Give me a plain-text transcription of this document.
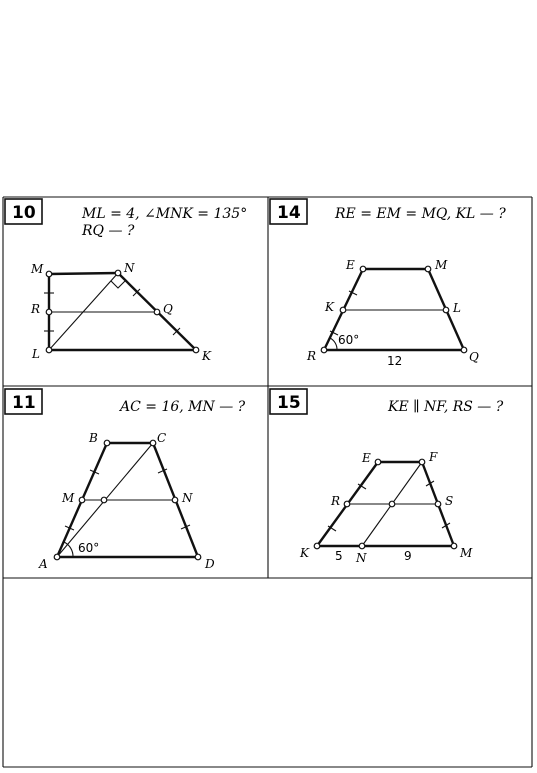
10	ML = 4, ∠MNK = 135°
RQ — ?
M	N
R	Q
L	K
14 RE = EM = MQ, KL — ?
E	M
K	L
R	Q
60°
12
11	AC = 16, MN — ?
B	C
M	N
A	D
60°
15	KE ∥ NF, RS — ?
E	F
R	S
K	N	M
5	9
